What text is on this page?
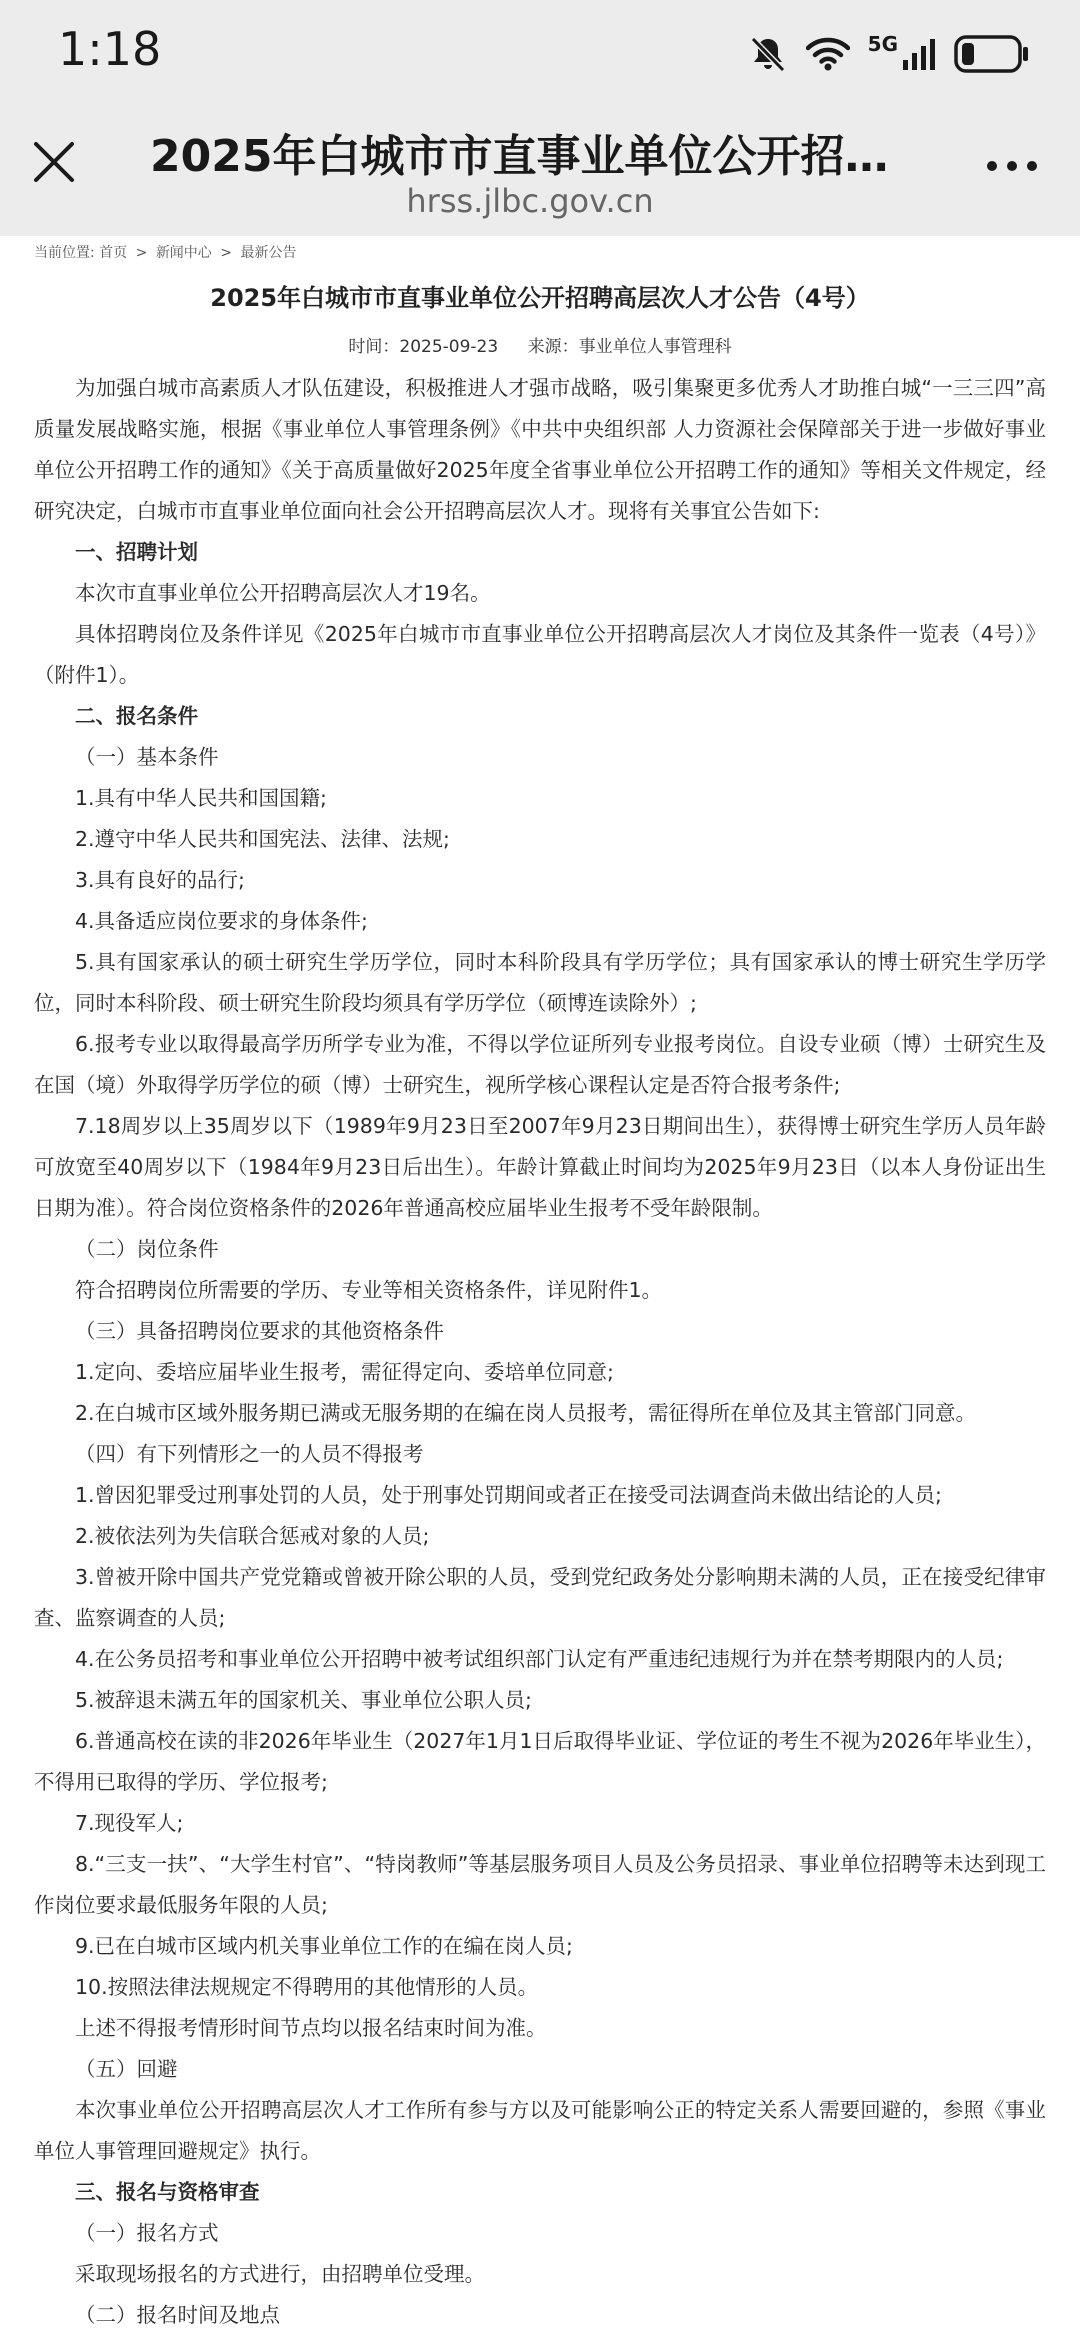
1:18	5G
2025年白城市市直事业单位公开招…
hrss.jlbc.gov.cn
当前位置: 首页 > 新闻中心 > 最新公告
2025年白城市市直事业单位公开招聘高层次人才公告（4号）
时间：2025-09-23 来源：事业单位人事管理科

为加强白城市高素质人才队伍建设，积极推进人才强市战略，吸引集聚更多优秀人才助推白城“一三三四”高质量发展战略实施，根据《事业单位人事管理条例》《中共中央组织部 人力资源社会保障部关于进一步做好事业单位公开招聘工作的通知》《关于高质量做好2025年度全省事业单位公开招聘工作的通知》等相关文件规定，经研究决定，白城市市直事业单位面向社会公开招聘高层次人才。现将有关事宜公告如下:

一、招聘计划

本次市直事业单位公开招聘高层次人才19名。

具体招聘岗位及条件详见《2025年白城市市直事业单位公开招聘高层次人才岗位及其条件一览表（4号）》（附件1）。

二、报名条件

（一）基本条件

1.具有中华人民共和国国籍;

2.遵守中华人民共和国宪法、法律、法规;

3.具有良好的品行;

4.具备适应岗位要求的身体条件;

5.具有国家承认的硕士研究生学历学位，同时本科阶段具有学历学位；具有国家承认的博士研究生学历学位，同时本科阶段、硕士研究生阶段均须具有学历学位（硕博连读除外）;

6.报考专业以取得最高学历所学专业为准，不得以学位证所列专业报考岗位。自设专业硕（博）士研究生及在国（境）外取得学历学位的硕（博）士研究生，视所学核心课程认定是否符合报考条件;

7.18周岁以上35周岁以下（1989年9月23日至2007年9月23日期间出生），获得博士研究生学历人员年龄可放宽至40周岁以下（1984年9月23日后出生）。年龄计算截止时间均为2025年9月23日（以本人身份证出生日期为准）。符合岗位资格条件的2026年普通高校应届毕业生报考不受年龄限制。

（二）岗位条件

符合招聘岗位所需要的学历、专业等相关资格条件，详见附件1。

（三）具备招聘岗位要求的其他资格条件

1.定向、委培应届毕业生报考，需征得定向、委培单位同意;

2.在白城市区域外服务期已满或无服务期的在编在岗人员报考，需征得所在单位及其主管部门同意。

（四）有下列情形之一的人员不得报考

1.曾因犯罪受过刑事处罚的人员，处于刑事处罚期间或者正在接受司法调查尚未做出结论的人员;

2.被依法列为失信联合惩戒对象的人员;

3.曾被开除中国共产党党籍或曾被开除公职的人员，受到党纪政务处分影响期未满的人员，正在接受纪律审查、监察调查的人员;

4.在公务员招考和事业单位公开招聘中被考试组织部门认定有严重违纪违规行为并在禁考期限内的人员;

5.被辞退未满五年的国家机关、事业单位公职人员;

6.普通高校在读的非2026年毕业生（2027年1月1日后取得毕业证、学位证的考生不视为2026年毕业生），不得用已取得的学历、学位报考;

7.现役军人;

8.“三支一扶”、“大学生村官”、“特岗教师”等基层服务项目人员及公务员招录、事业单位招聘等未达到现工作岗位要求最低服务年限的人员;

9.已在白城市区域内机关事业单位工作的在编在岗人员;

10.按照法律法规规定不得聘用的其他情形的人员。

上述不得报考情形时间节点均以报名结束时间为准。

（五）回避

本次事业单位公开招聘高层次人才工作所有参与方以及可能影响公正的特定关系人需要回避的，参照《事业单位人事管理回避规定》执行。

三、报名与资格审查

（一）报名方式

采取现场报名的方式进行，由招聘单位受理。

（二）报名时间及地点
